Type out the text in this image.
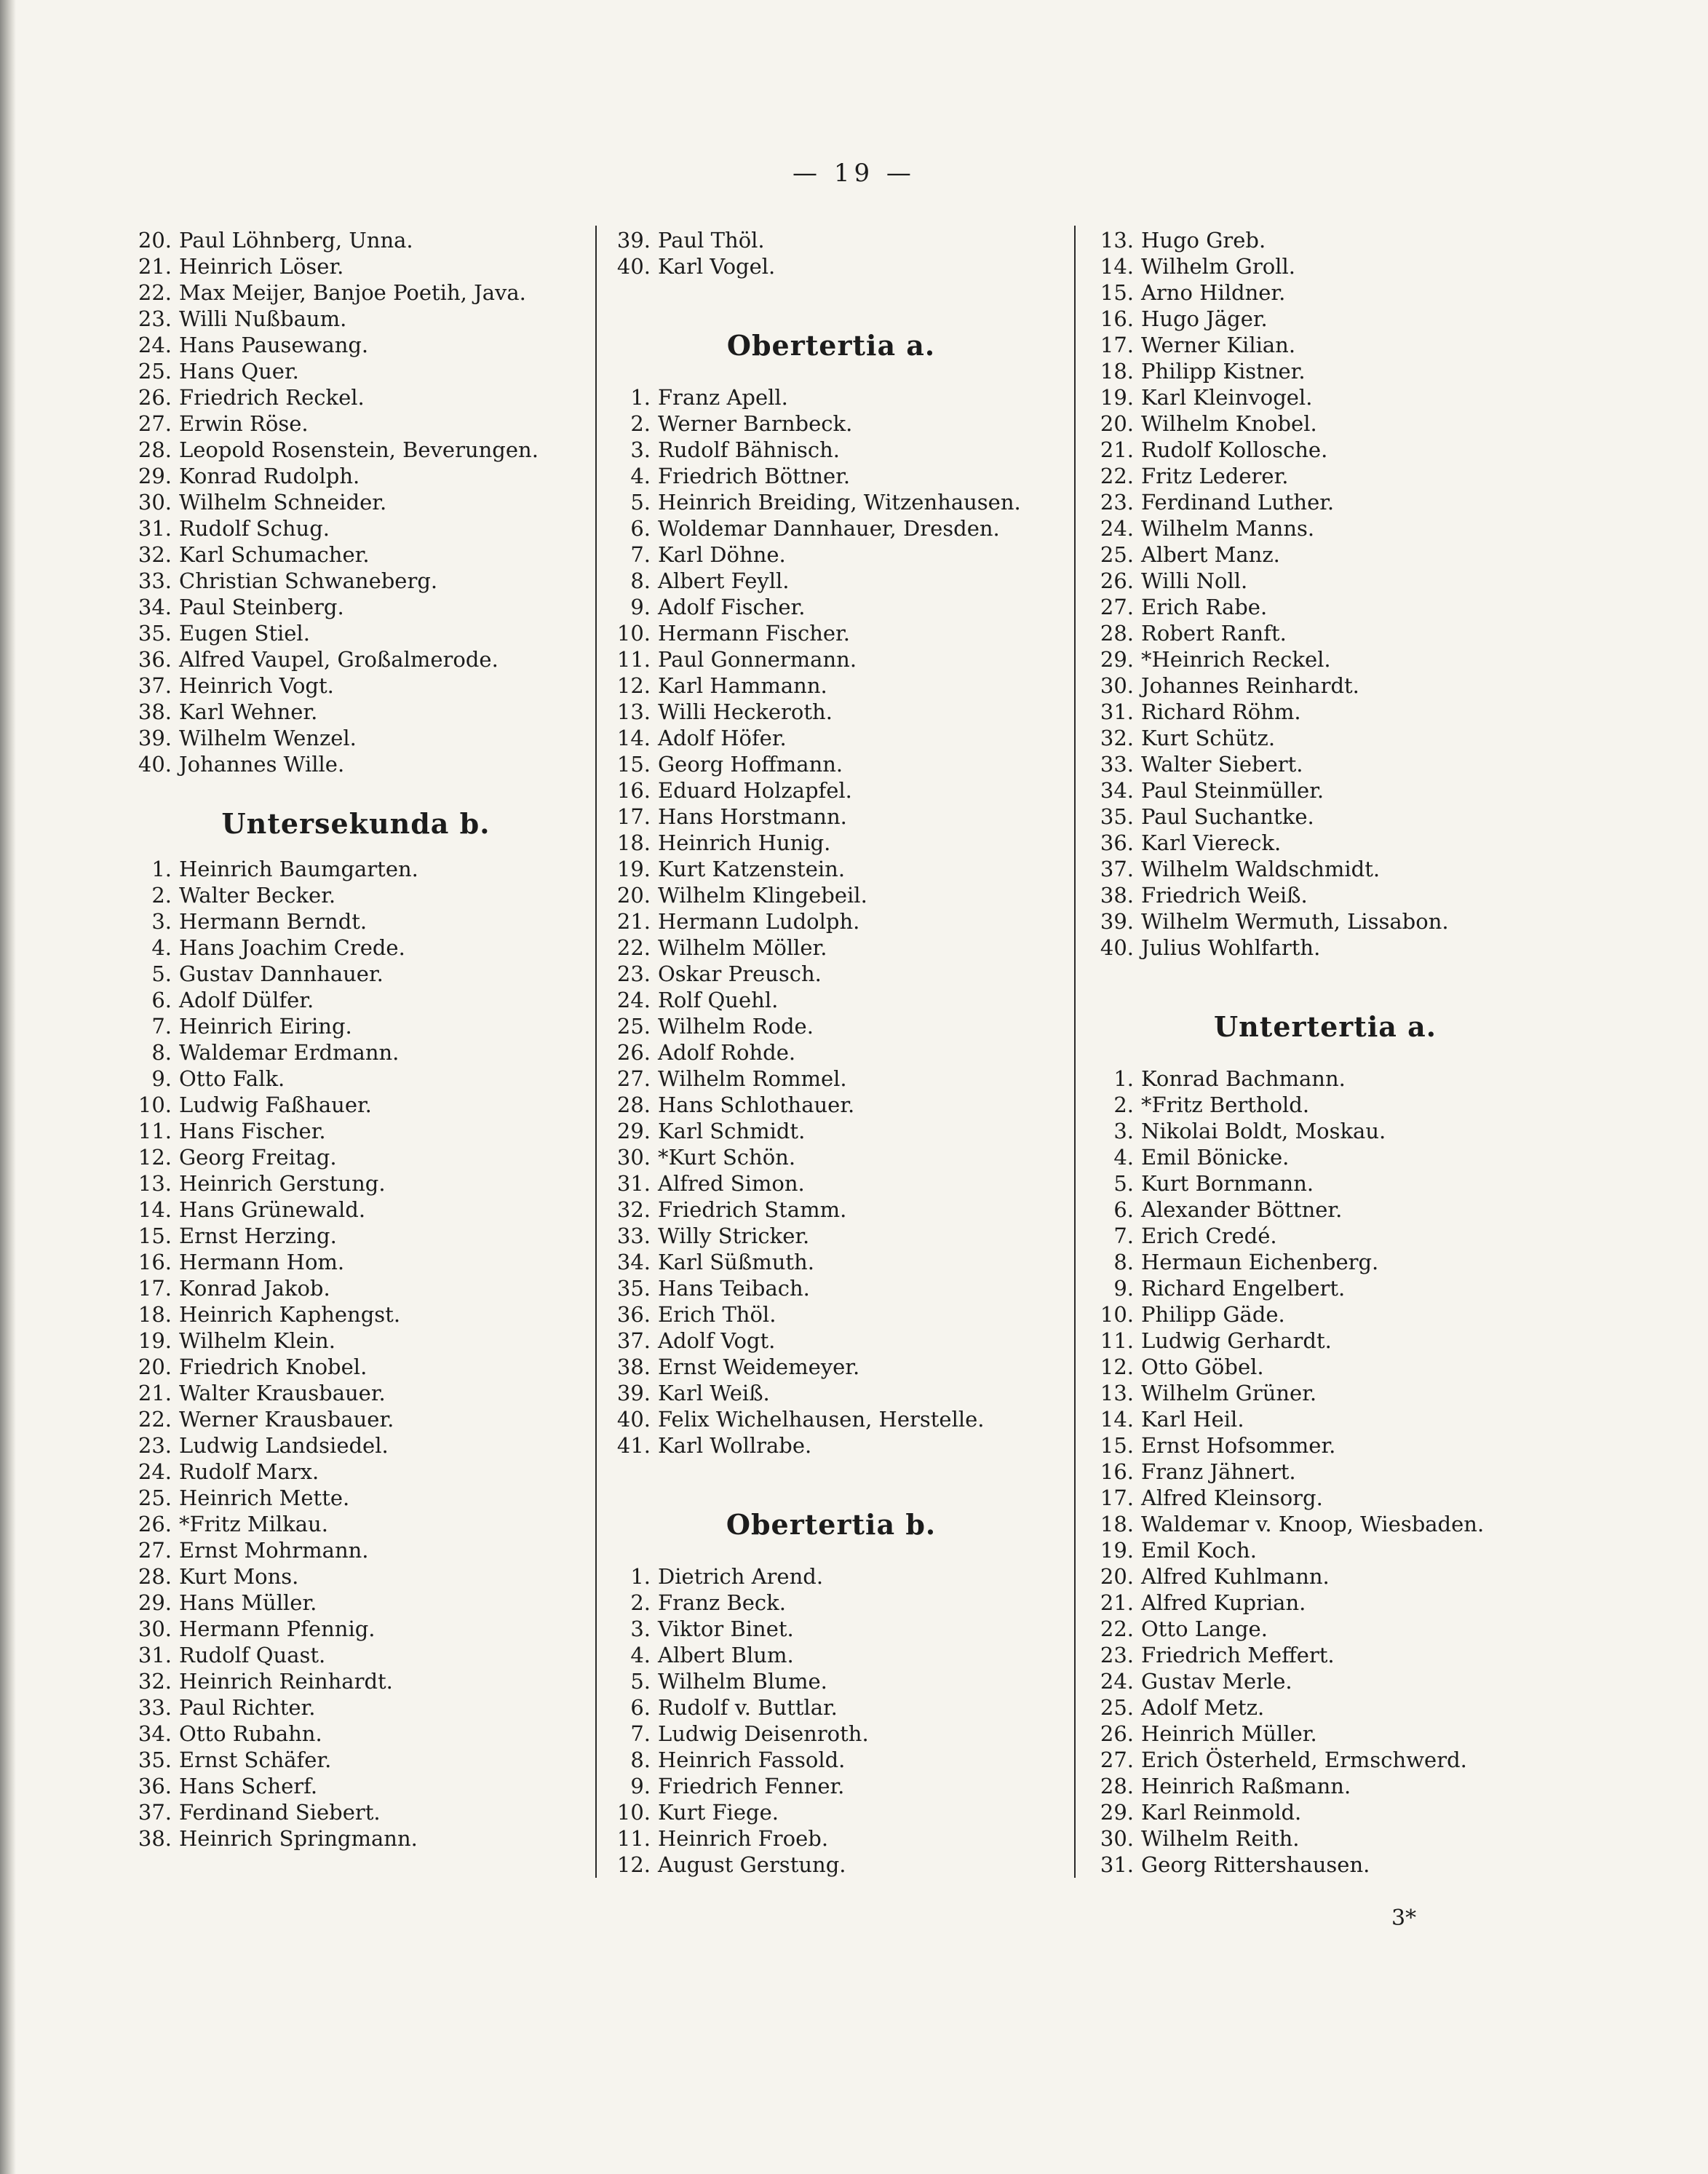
— 19 —
20. Paul Löhnberg, Unna.
21. Heinrich Löser.
22. Max Meijer, Banjoe Poetih, Java.
23. Willi Nußbaum.
24. Hans Pausewang.
25. Hans Quer.
26. Friedrich Reckel.
27. Erwin Röse.
28. Leopold Rosenstein, Beverungen.
29. Konrad Rudolph.
30. Wilhelm Schneider.
31. Rudolf Schug.
32. Karl Schumacher.
33. Christian Schwaneberg.
34. Paul Steinberg.
35. Eugen Stiel.
36. Alfred Vaupel, Großalmerode.
37. Heinrich Vogt.
38. Karl Wehner.
39. Wilhelm Wenzel.
40. Johannes Wille.
Untersekunda b.
1. Heinrich Baumgarten.
2. Walter Becker.
3. Hermann Berndt.
4. Hans Joachim Crede.
5. Gustav Dannhauer.
6. Adolf Dülfer.
7. Heinrich Eiring.
8. Waldemar Erdmann.
9. Otto Falk.
10. Ludwig Faßhauer.
11. Hans Fischer.
12. Georg Freitag.
13. Heinrich Gerstung.
14. Hans Grünewald.
15. Ernst Herzing.
16. Hermann Hom.
17. Konrad Jakob.
18. Heinrich Kaphengst.
19. Wilhelm Klein.
20. Friedrich Knobel.
21. Walter Krausbauer.
22. Werner Krausbauer.
23. Ludwig Landsiedel.
24. Rudolf Marx.
25. Heinrich Mette.
26. *Fritz Milkau.
27. Ernst Mohrmann.
28. Kurt Mons.
29. Hans Müller.
30. Hermann Pfennig.
31. Rudolf Quast.
32. Heinrich Reinhardt.
33. Paul Richter.
34. Otto Rubahn.
35. Ernst Schäfer.
36. Hans Scherf.
37. Ferdinand Siebert.
38. Heinrich Springmann.
39. Paul Thöl.
40. Karl Vogel.
Obertertia a.
1. Franz Apell.
2. Werner Barnbeck.
3. Rudolf Bähnisch.
4. Friedrich Böttner.
5. Heinrich Breiding, Witzenhausen.
6. Woldemar Dannhauer, Dresden.
7. Karl Döhne.
8. Albert Feyll.
9. Adolf Fischer.
10. Hermann Fischer.
11. Paul Gonnermann.
12. Karl Hammann.
13. Willi Heckeroth.
14. Adolf Höfer.
15. Georg Hoffmann.
16. Eduard Holzapfel.
17. Hans Horstmann.
18. Heinrich Hunig.
19. Kurt Katzenstein.
20. Wilhelm Klingebeil.
21. Hermann Ludolph.
22. Wilhelm Möller.
23. Oskar Preusch.
24. Rolf Quehl.
25. Wilhelm Rode.
26. Adolf Rohde.
27. Wilhelm Rommel.
28. Hans Schlothauer.
29. Karl Schmidt.
30. *Kurt Schön.
31. Alfred Simon.
32. Friedrich Stamm.
33. Willy Stricker.
34. Karl Süßmuth.
35. Hans Teibach.
36. Erich Thöl.
37. Adolf Vogt.
38. Ernst Weidemeyer.
39. Karl Weiß.
40. Felix Wichelhausen, Herstelle.
41. Karl Wollrabe.
Obertertia b.
1. Dietrich Arend.
2. Franz Beck.
3. Viktor Binet.
4. Albert Blum.
5. Wilhelm Blume.
6. Rudolf v. Buttlar.
7. Ludwig Deisenroth.
8. Heinrich Fassold.
9. Friedrich Fenner.
10. Kurt Fiege.
11. Heinrich Froeb.
12. August Gerstung.
13. Hugo Greb.
14. Wilhelm Groll.
15. Arno Hildner.
16. Hugo Jäger.
17. Werner Kilian.
18. Philipp Kistner.
19. Karl Kleinvogel.
20. Wilhelm Knobel.
21. Rudolf Kollosche.
22. Fritz Lederer.
23. Ferdinand Luther.
24. Wilhelm Manns.
25. Albert Manz.
26. Willi Noll.
27. Erich Rabe.
28. Robert Ranft.
29. *Heinrich Reckel.
30. Johannes Reinhardt.
31. Richard Röhm.
32. Kurt Schütz.
33. Walter Siebert.
34. Paul Steinmüller.
35. Paul Suchantke.
36. Karl Viereck.
37. Wilhelm Waldschmidt.
38. Friedrich Weiß.
39. Wilhelm Wermuth, Lissabon.
40. Julius Wohlfarth.
Untertertia a.
1. Konrad Bachmann.
2. *Fritz Berthold.
3. Nikolai Boldt, Moskau.
4. Emil Bönicke.
5. Kurt Bornmann.
6. Alexander Böttner.
7. Erich Credé.
8. Hermaun Eichenberg.
9. Richard Engelbert.
10. Philipp Gäde.
11. Ludwig Gerhardt.
12. Otto Göbel.
13. Wilhelm Grüner.
14. Karl Heil.
15. Ernst Hofsommer.
16. Franz Jähnert.
17. Alfred Kleinsorg.
18. Waldemar v. Knoop, Wiesbaden.
19. Emil Koch.
20. Alfred Kuhlmann.
21. Alfred Kuprian.
22. Otto Lange.
23. Friedrich Meffert.
24. Gustav Merle.
25. Adolf Metz.
26. Heinrich Müller.
27. Erich Österheld, Ermschwerd.
28. Heinrich Raßmann.
29. Karl Reinmold.
30. Wilhelm Reith.
31. Georg Rittershausen.
3*
